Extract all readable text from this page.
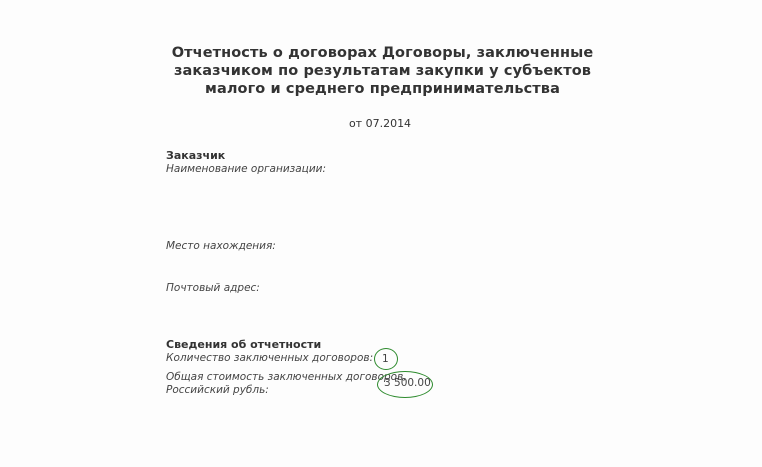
Отчетность о договорах Договоры, заключенные
заказчиком по результатам закупки у субъектов
малого и среднего предпринимательства
от 07.2014
Заказчик
Наименование организации:
Место нахождения:
Почтовый адрес:
Сведения об отчетности
Количество заключенных договоров: 1
Общая стоимость заключенных договоров,
Российский рубль:
3 500.00
